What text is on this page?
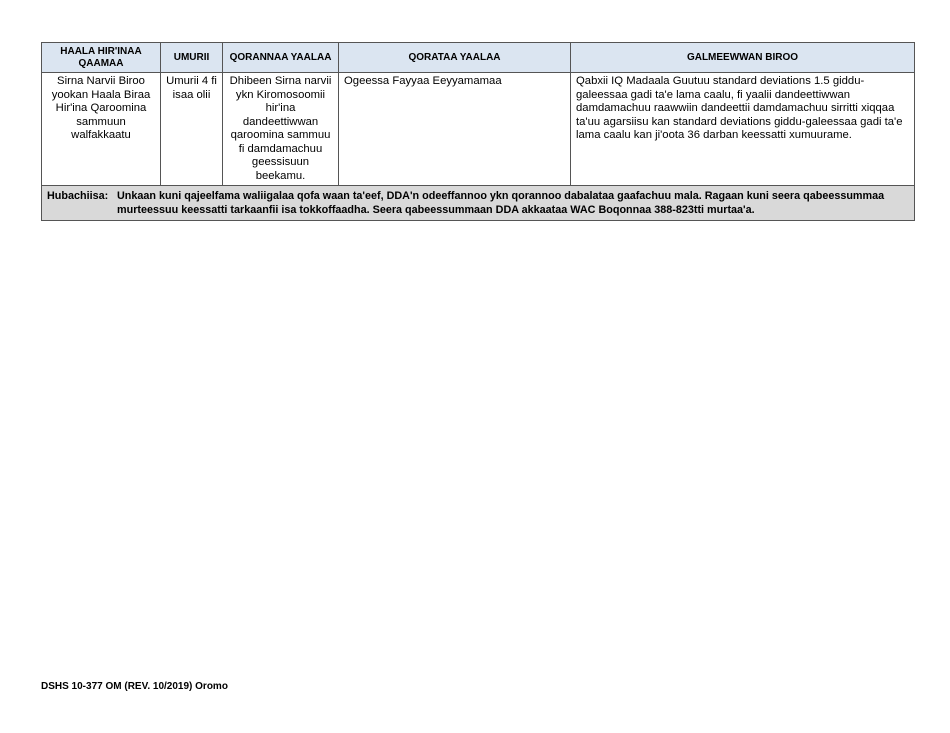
HAALA HIR'INAA QAAMAA	UMURII	QORANNAA YAALAA	QORATAA YAALAA	GALMEEWWAN BIROO
Sirna Narvii Biroo yookan Haala Biraa Hir'ina Qaroomina sammuun walfakkaatu	Umurii 4 fi isaa olii	Dhibeen Sirna narvii ykn Kiromosoomii hir'ina dandeettiwwan qaroomina sammuu fi damdamachuu geessisuun beekamu.	Ogeessa Fayyaa Eeyyamamaa	Qabxii IQ Madaala Guutuu standard deviations 1.5 giddu-galeessaa gadi ta'e lama caalu, fi yaalii dandeettiwwan damdamachuu raawwiin dandeettii damdamachuu sirritti xiqqaa ta'uu agarsiisu kan standard deviations giddu-galeessaa gadi ta'e lama caalu kan ji'oota 36 darban keessatti xumuurame.
Hubachiisa: Unkaan kuni qajeelfama waliigalaa qofa waan ta'eef, DDA'n odeeffannoo ykn qorannoo dabalataa gaafachuu mala. Ragaan kuni seera qabeessummaa murteessuu keessatti tarkaanfii isa tokkoffaadha. Seera qabeessummaan DDA akkaataa WAC Boqonnaa 388-823tti murtaa'a.				
DSHS 10-377 OM (REV. 10/2019) Oromo
